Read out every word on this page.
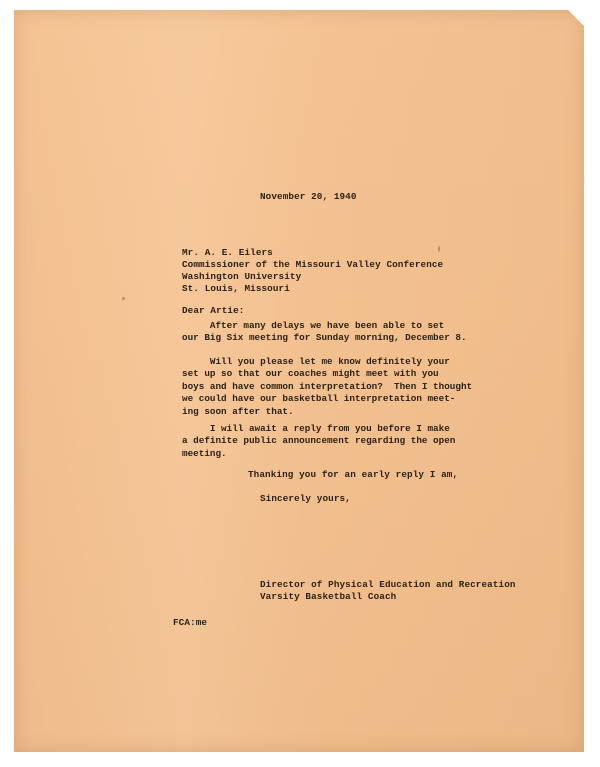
November 20, 1940
Mr. A. E. Eilers
Commissioner of the Missouri Valley Conference
Washington University
St. Louis, Missouri
Dear Artie:
After many delays we have been able to set
our Big Six meeting for Sunday morning, December 8.
Will you please let me know definitely your
set up so that our coaches might meet with you
boys and have common interpretation?  Then I thought
we could have our basketball interpretation meet-
ing soon after that.
I will await a reply from you before I make
a definite public announcement regarding the open
meeting.
Thanking you for an early reply I am,
Sincerely yours,
Director of Physical Education and Recreation
Varsity Basketball Coach
FCA:me
